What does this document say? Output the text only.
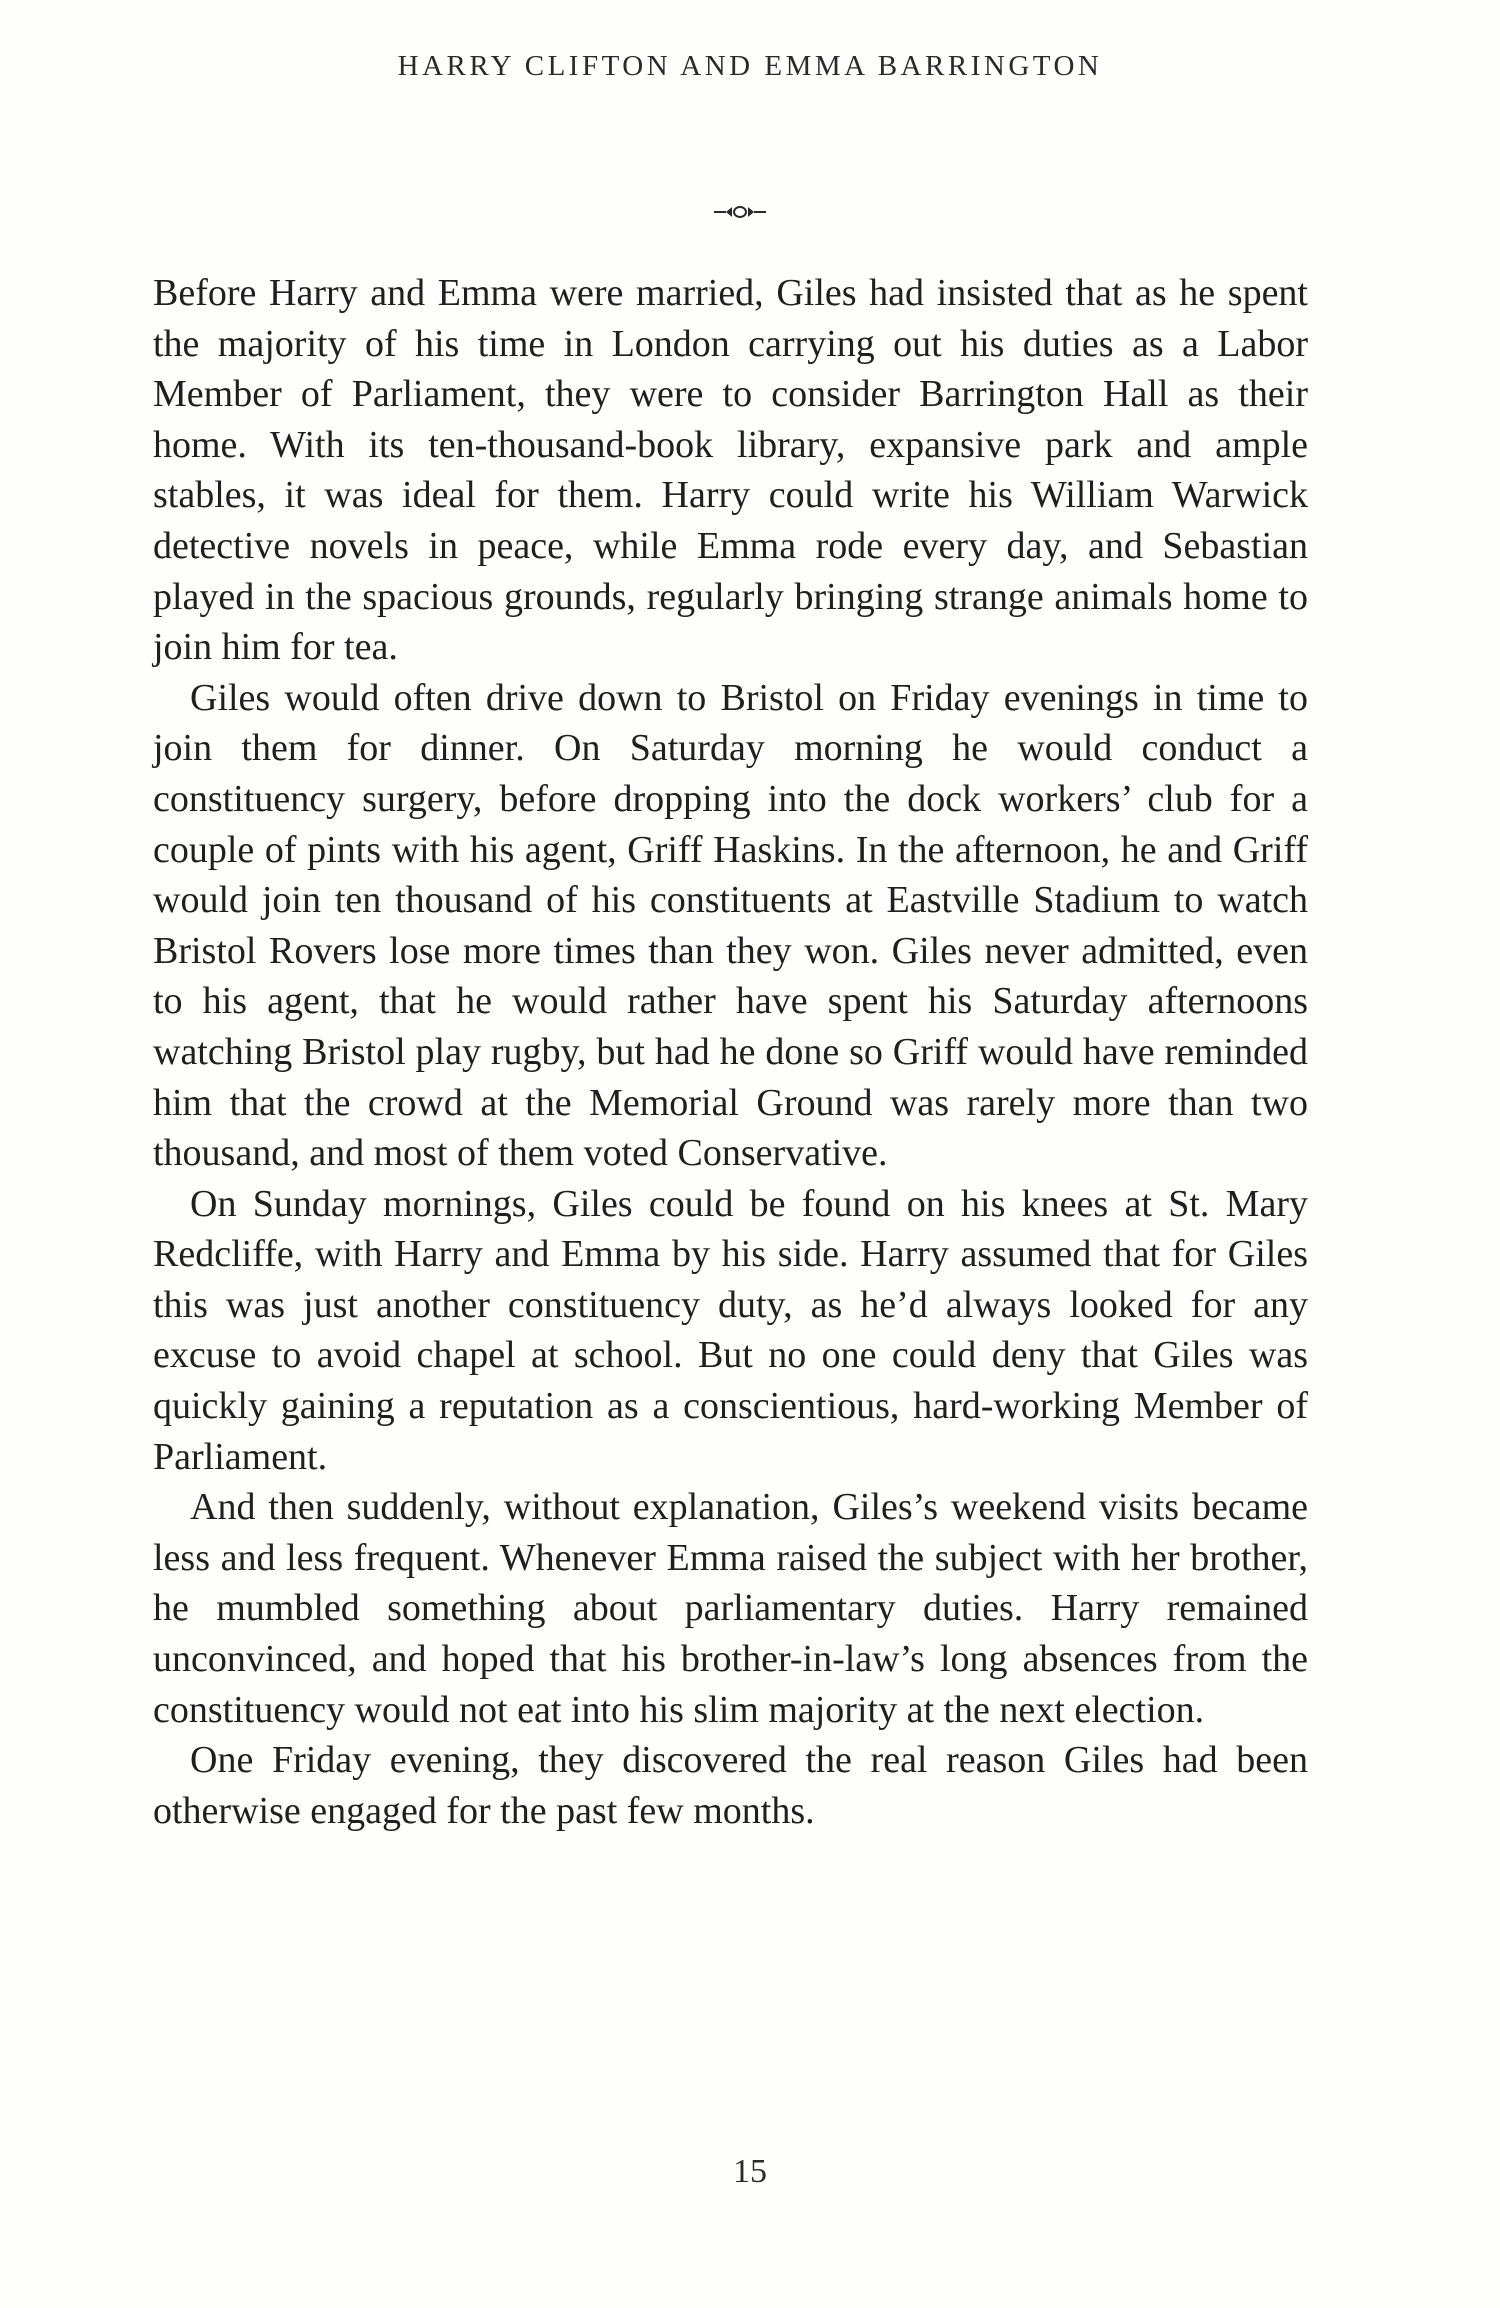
HARRY CLIFTON AND EMMA BARRINGTON

Before Harry and Emma were married, Giles had insisted that as he spent the majority of his time in London carrying out his duties as a Labor Member of Parliament, they were to consider Barrington Hall as their home. With its ten-thousand-book library, expansive park and ample stables, it was ideal for them. Harry could write his William Warwick detective novels in peace, while Emma rode every day, and Sebastian played in the spacious grounds, regularly bringing strange animals home to join him for tea.

Giles would often drive down to Bristol on Friday evenings in time to join them for dinner. On Saturday morning he would conduct a constituency surgery, before dropping into the dock workers’ club for a couple of pints with his agent, Griff Haskins. In the afternoon, he and Griff would join ten thousand of his constituents at Eastville Stadium to watch Bristol Rovers lose more times than they won. Giles never admitted, even to his agent, that he would rather have spent his Saturday afternoons watching Bristol play rugby, but had he done so Griff would have reminded him that the crowd at the Memorial Ground was rarely more than two thousand, and most of them voted Conservative.

On Sunday mornings, Giles could be found on his knees at St. Mary Redcliffe, with Harry and Emma by his side. Harry assumed that for Giles this was just another constituency duty, as he’d always looked for any excuse to avoid chapel at school. But no one could deny that Giles was quickly gaining a reputation as a conscientious, hard-working Member of Parliament.

And then suddenly, without explanation, Giles’s weekend visits became less and less frequent. Whenever Emma raised the subject with her brother, he mumbled something about parliamentary duties. Harry remained unconvinced, and hoped that his brother-in-law’s long absences from the constituency would not eat into his slim majority at the next election.

One Friday evening, they discovered the real reason Giles had been otherwise engaged for the past few months.

15
